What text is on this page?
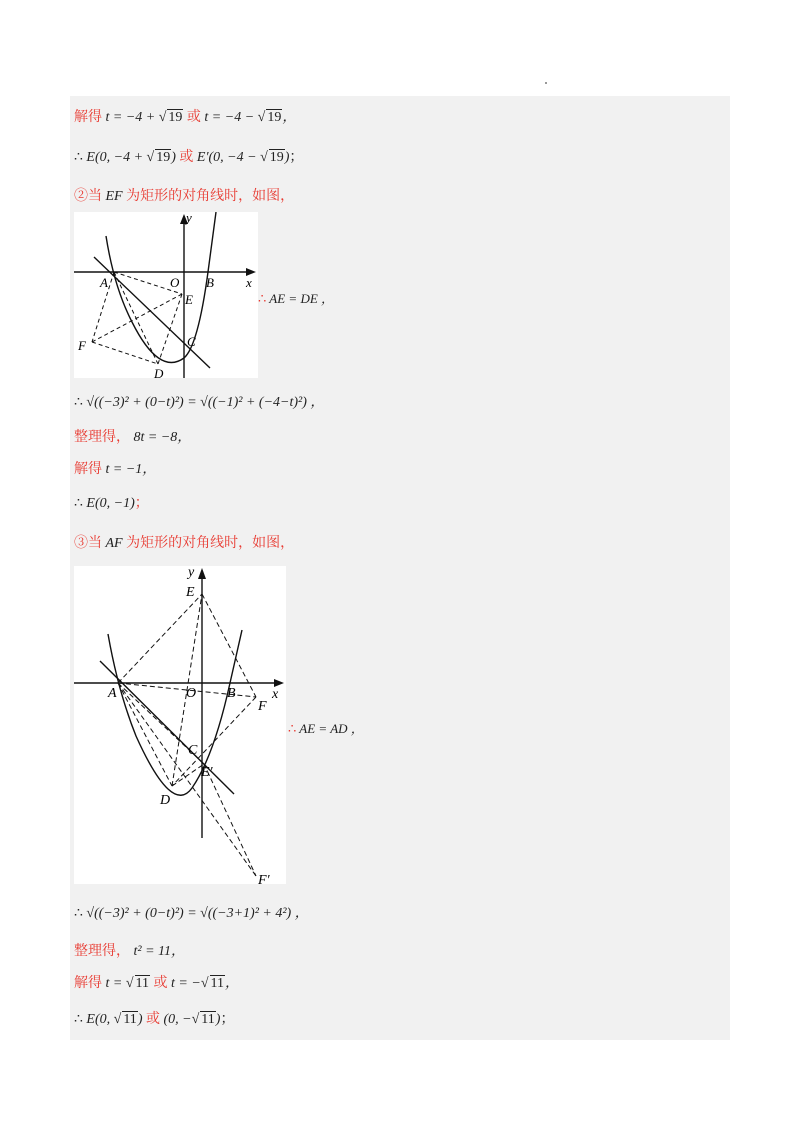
解得 t = −4 + √ 19 或 t = −4 − √ 19，
∴ E(0, −4 + √ 19) 或 E′(0, −4 − √ 19)；
②当 EF 为矩形的对角线时，如图，
y
x
O
A	B
E
C
D
F
∴ AE = DE ，
∴ √((−3)² + (0−t)²) = √((−1)² + (−4−t)²) ，
整理得， 8t = −8，
解得 t = −1，
∴ E(0, −1)；
③当 AF 为矩形的对角线时，如图，
y
x
O
A	B
E
C
E′
D
F
F′
∴ AE = AD ，
∴ √((−3)² + (0−t)²) = √((−3+1)² + 4²) ，
整理得， t² = 11，
解得 t = √ 11 或 t = −√ 11，
∴ E(0, √ 11) 或 (0, −√ 11)；
